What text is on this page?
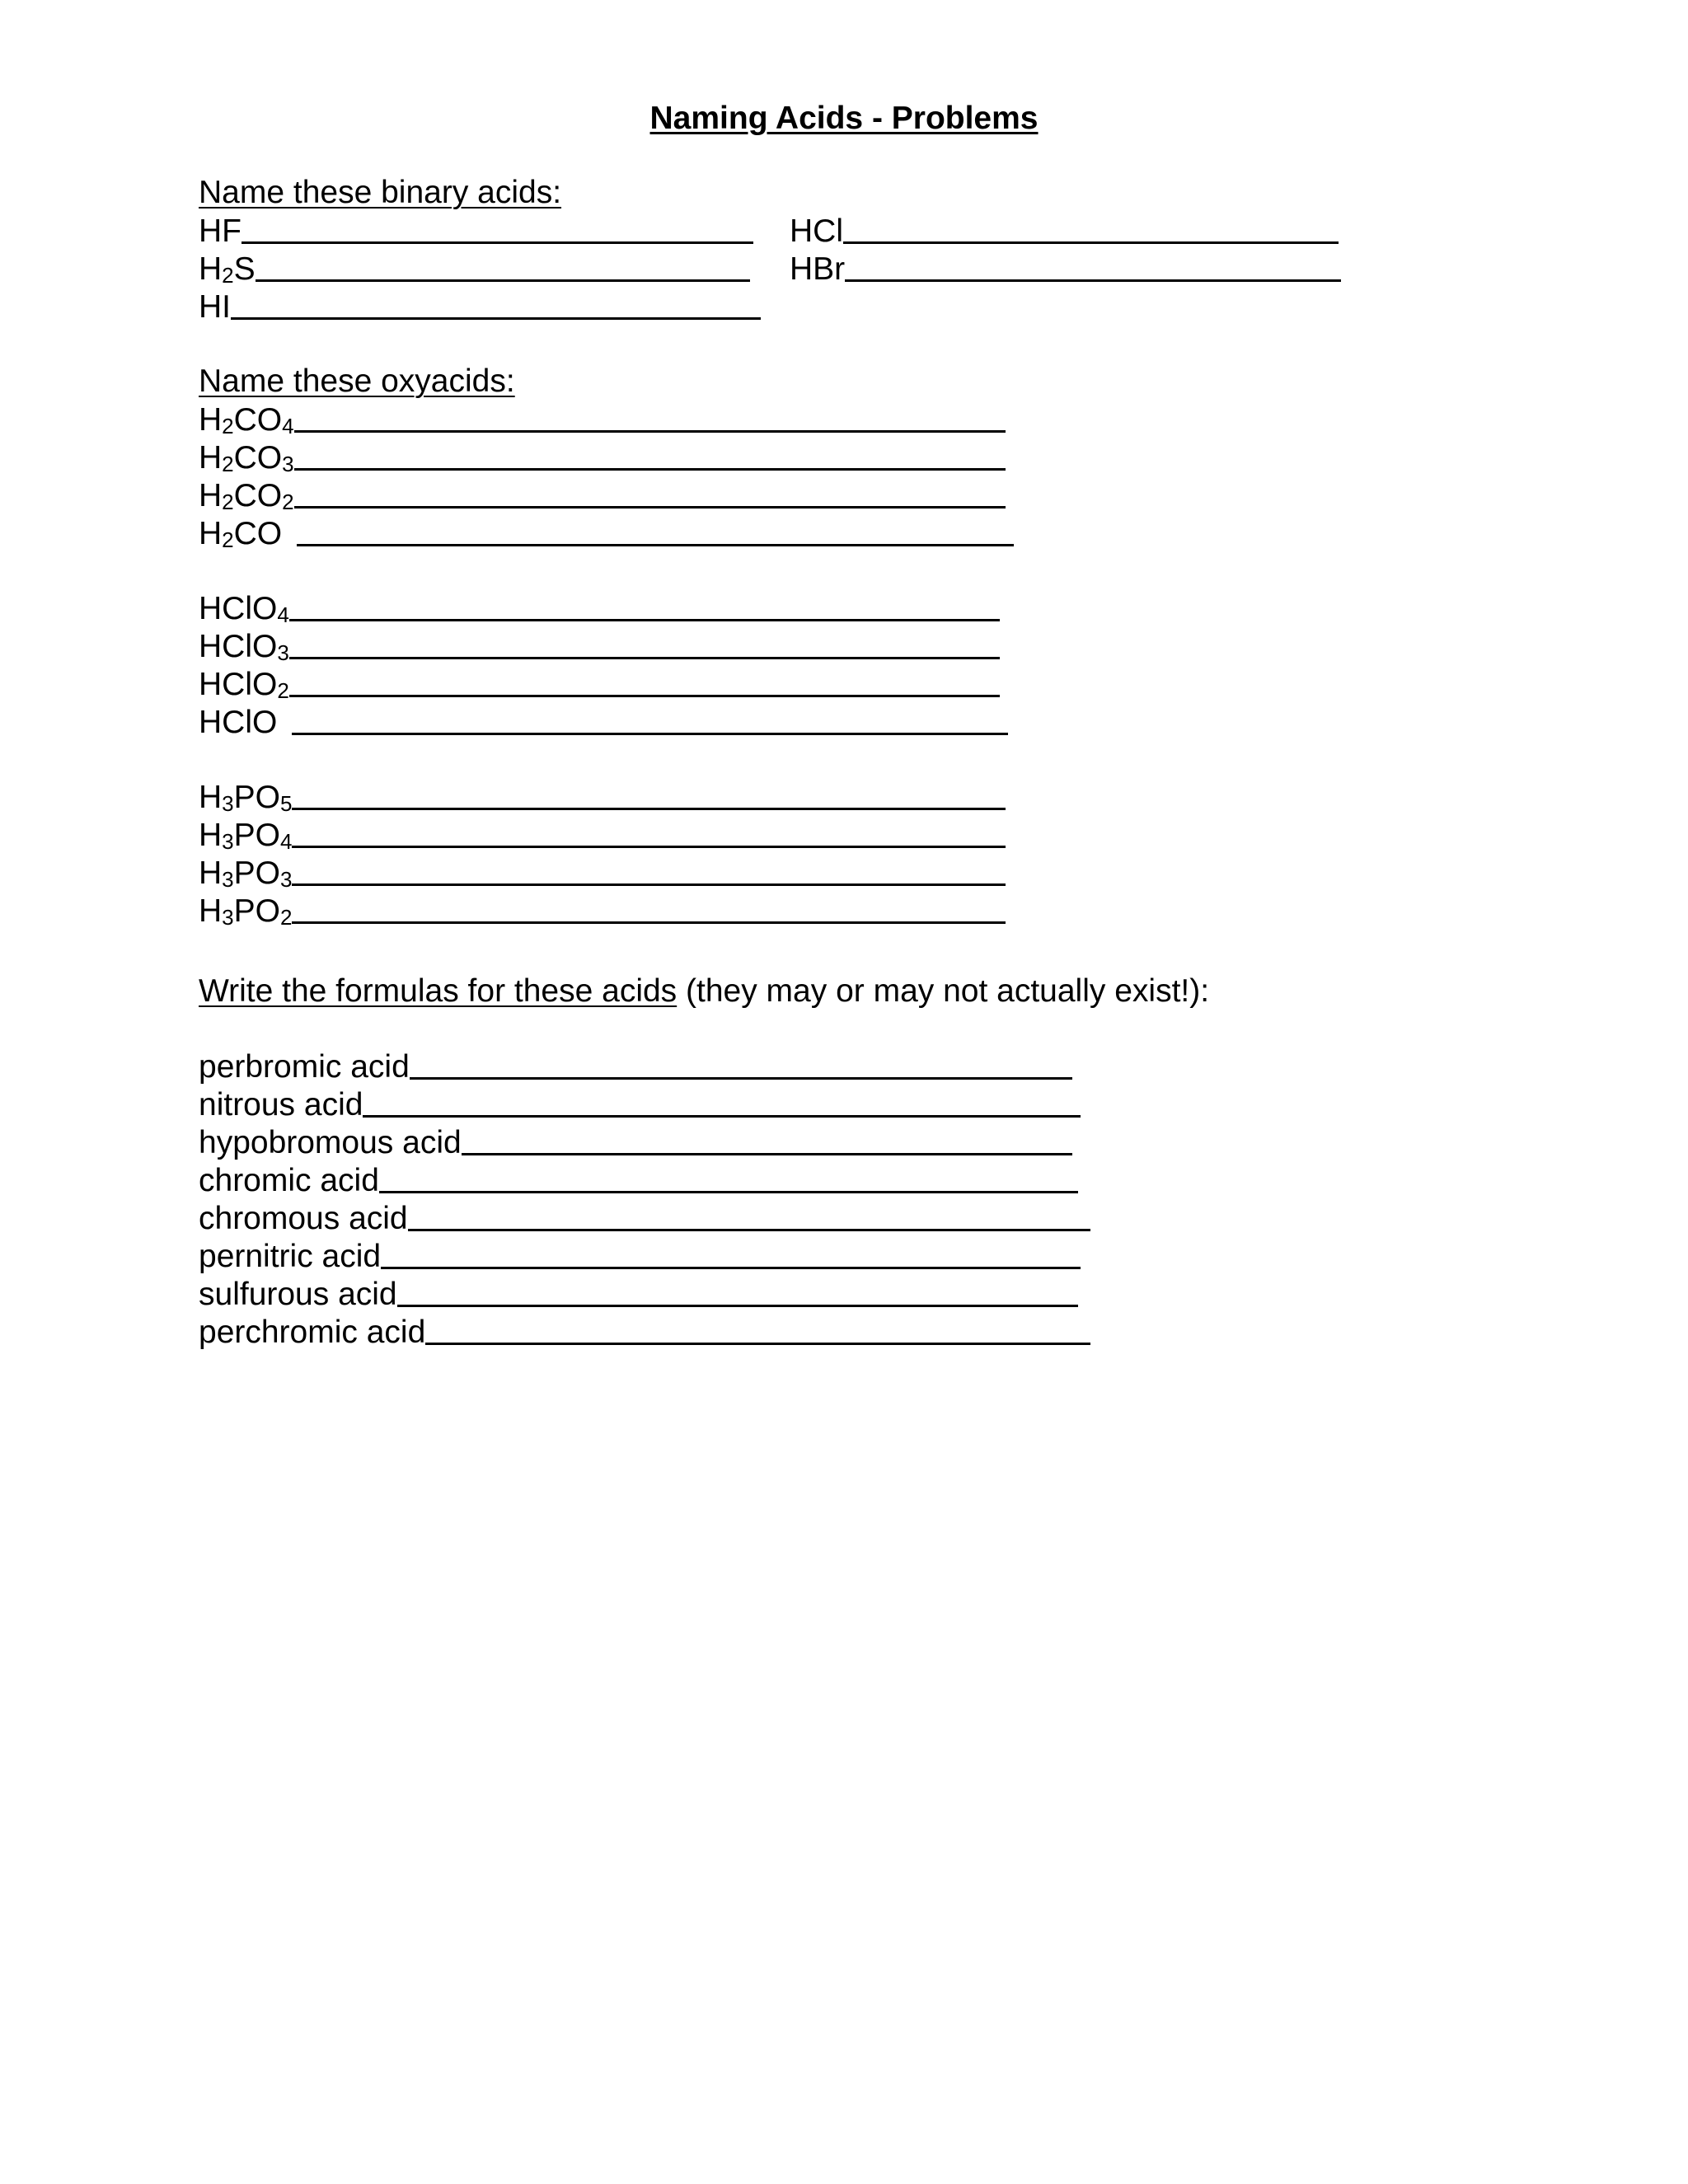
Naming Acids - Problems
Name these binary acids:
HF	HCl
$H_2S$	HBr
HI
Name these oxyacids:
$H_2CO_4$
$H_2CO_3$
$H_2CO_2$
$H_2CO$
HClO$_4$
HClO$_3$
HClO$_2$
HClO
$H_3PO_5$
$H_3PO_4$
$H_3PO_3$
$H_3PO_2$
Write the formulas for these acids (they may or may not actually exist!):
perbromic acid
nitrous acid
hypobromous acid
chromic acid
chromous acid
pernitric acid
sulfurous acid
perchromic acid
